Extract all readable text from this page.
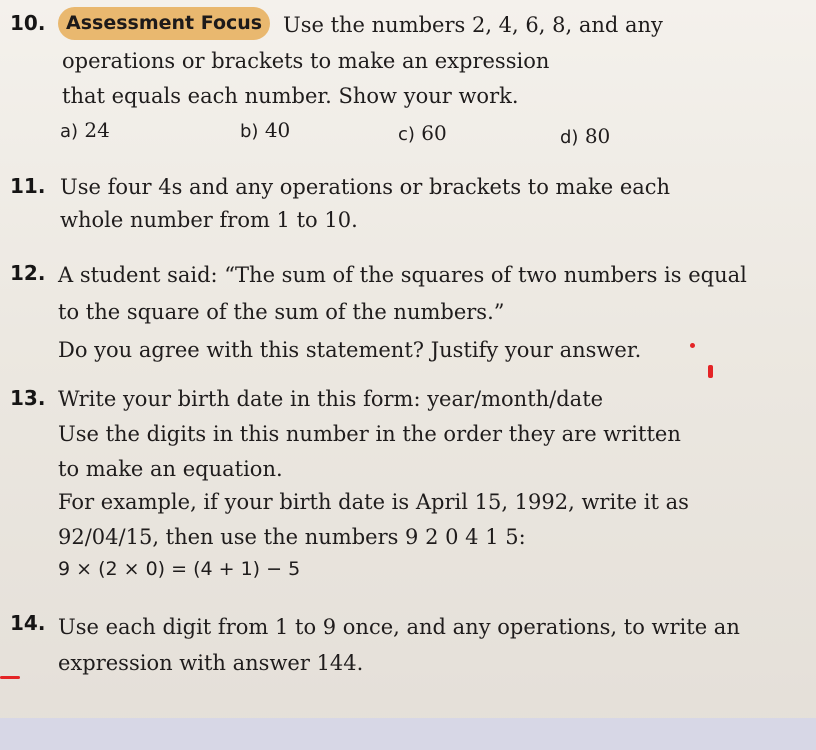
10.	Assessment Focus Use the numbers 2, 4, 6, 8, and any
operations or brackets to make an expression
that equals each number. Show your work.
a) 24	b) 40	c) 60	d) 80
11. Use four 4s and any operations or brackets to make each
whole number from 1 to 10.
12. A student said: “The sum of the squares of two numbers is equal
to the square of the sum of the numbers.”
Do you agree with this statement? Justify your answer.
13. Write your birth date in this form: year/month/date
Use the digits in this number in the order they are written
to make an equation.
For example, if your birth date is April 15, 1992, write it as
92/04/15, then use the numbers 9 2 0 4 1 5:
9 × (2 × 0) = (4 + 1) − 5
14. Use each digit from 1 to 9 once, and any operations, to write an
expression with answer 144.
